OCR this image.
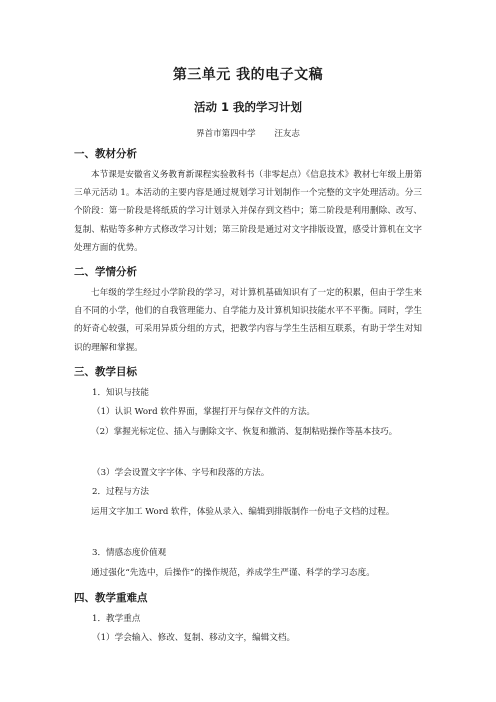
第三单元 我的电子文稿
活动 1 我的学习计划
界首市第四中学 汪友志
一、教材分析

本节课是安徽省义务教育新课程实验教科书（非零起点）《信息技术》教材七年级上册第三单元活动 1。本活动的主要内容是通过规划学习计划制作一个完整的文字处理活动。分三个阶段：第一阶段是将纸质的学习计划录入并保存到文档中；第二阶段是利用删除、改写、复制、粘贴等多种方式修改学习计划；第三阶段是通过对文字排版设置，感受计算机在文字处理方面的优势。

二、学情分析

七年级的学生经过小学阶段的学习，对计算机基础知识有了一定的积累，但由于学生来自不同的小学，他们的自我管理能力、自学能力及计算机知识技能水平不平衡。同时，学生的好奇心较强，可采用异质分组的方式，把教学内容与学生生活相互联系，有助于学生对知识的理解和掌握。

三、教学目标
1．知识与技能
（1）认识 Word 软件界面，掌握打开与保存文件的方法。

（2）掌握光标定位、插入与删除文字、恢复和撤消、复制粘贴操作等基本技巧。

（3）学会设置文字字体、字号和段落的方法。
2．过程与方法

运用文字加工 Word 软件，体验从录入、编辑到排版制作一份电子文档的过程。

3．情感态度价值观

通过强化“先选中，后操作”的操作规范，养成学生严谨、科学的学习态度。

四、教学重难点
1．教学重点
（1）学会输入、修改、复制、移动文字，编辑文档。
